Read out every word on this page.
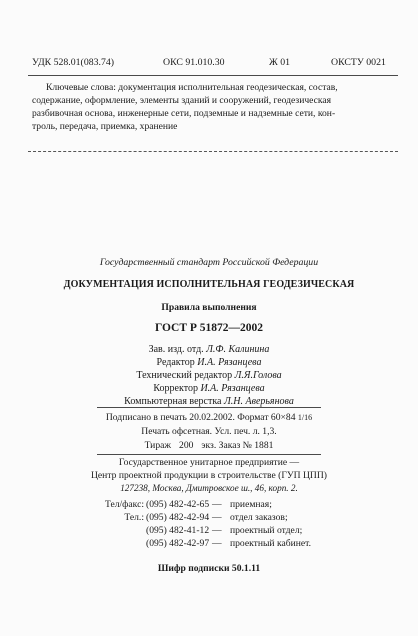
УДК 528.01(083.74)	ОКС 91.010.30	Ж 01	ОКСТУ 0021
Ключевые слова: документация исполнительная геодезическая, состав,
содержание, оформление, элементы зданий и сооружений, геодезическая
разбивочная основа, инженерные сети, подземные и надземные сети, кон-
троль, передача, приемка, хранение
Государственный стандарт Российской Федерации
ДОКУМЕНТАЦИЯ ИСПОЛНИТЕЛЬНАЯ ГЕОДЕЗИЧЕСКАЯ
Правила выполнения
ГОСТ Р 51872—2002
Зав. изд. отд. Л.Ф. Калинина
Редактор И.А. Рязанцева
Технический редактор Л.Я.Голова
Корректор И.А. Рязанцева
Компьютерная верстка Л.Н. Аверьянова
Подписано в печать 20.02.2002. Формат 60×84 1/16
Печать офсетная. Усл. печ. л. 1,3.
Тираж 200 экз. Заказ № 1881
Государственное унитарное предприятие —
Центр проектной продукции в строительстве (ГУП ЦПП)
127238, Москва, Дмитровское ш., 46, корп. 2.
Тел/факс: (095) 482-42-65 — приемная;
Тел.: (095) 482-42-94 — отдел заказов;
(095) 482-41-12 — проектный отдел;
(095) 482-42-97 — проектный кабинет.
Шифр подписки 50.1.11
